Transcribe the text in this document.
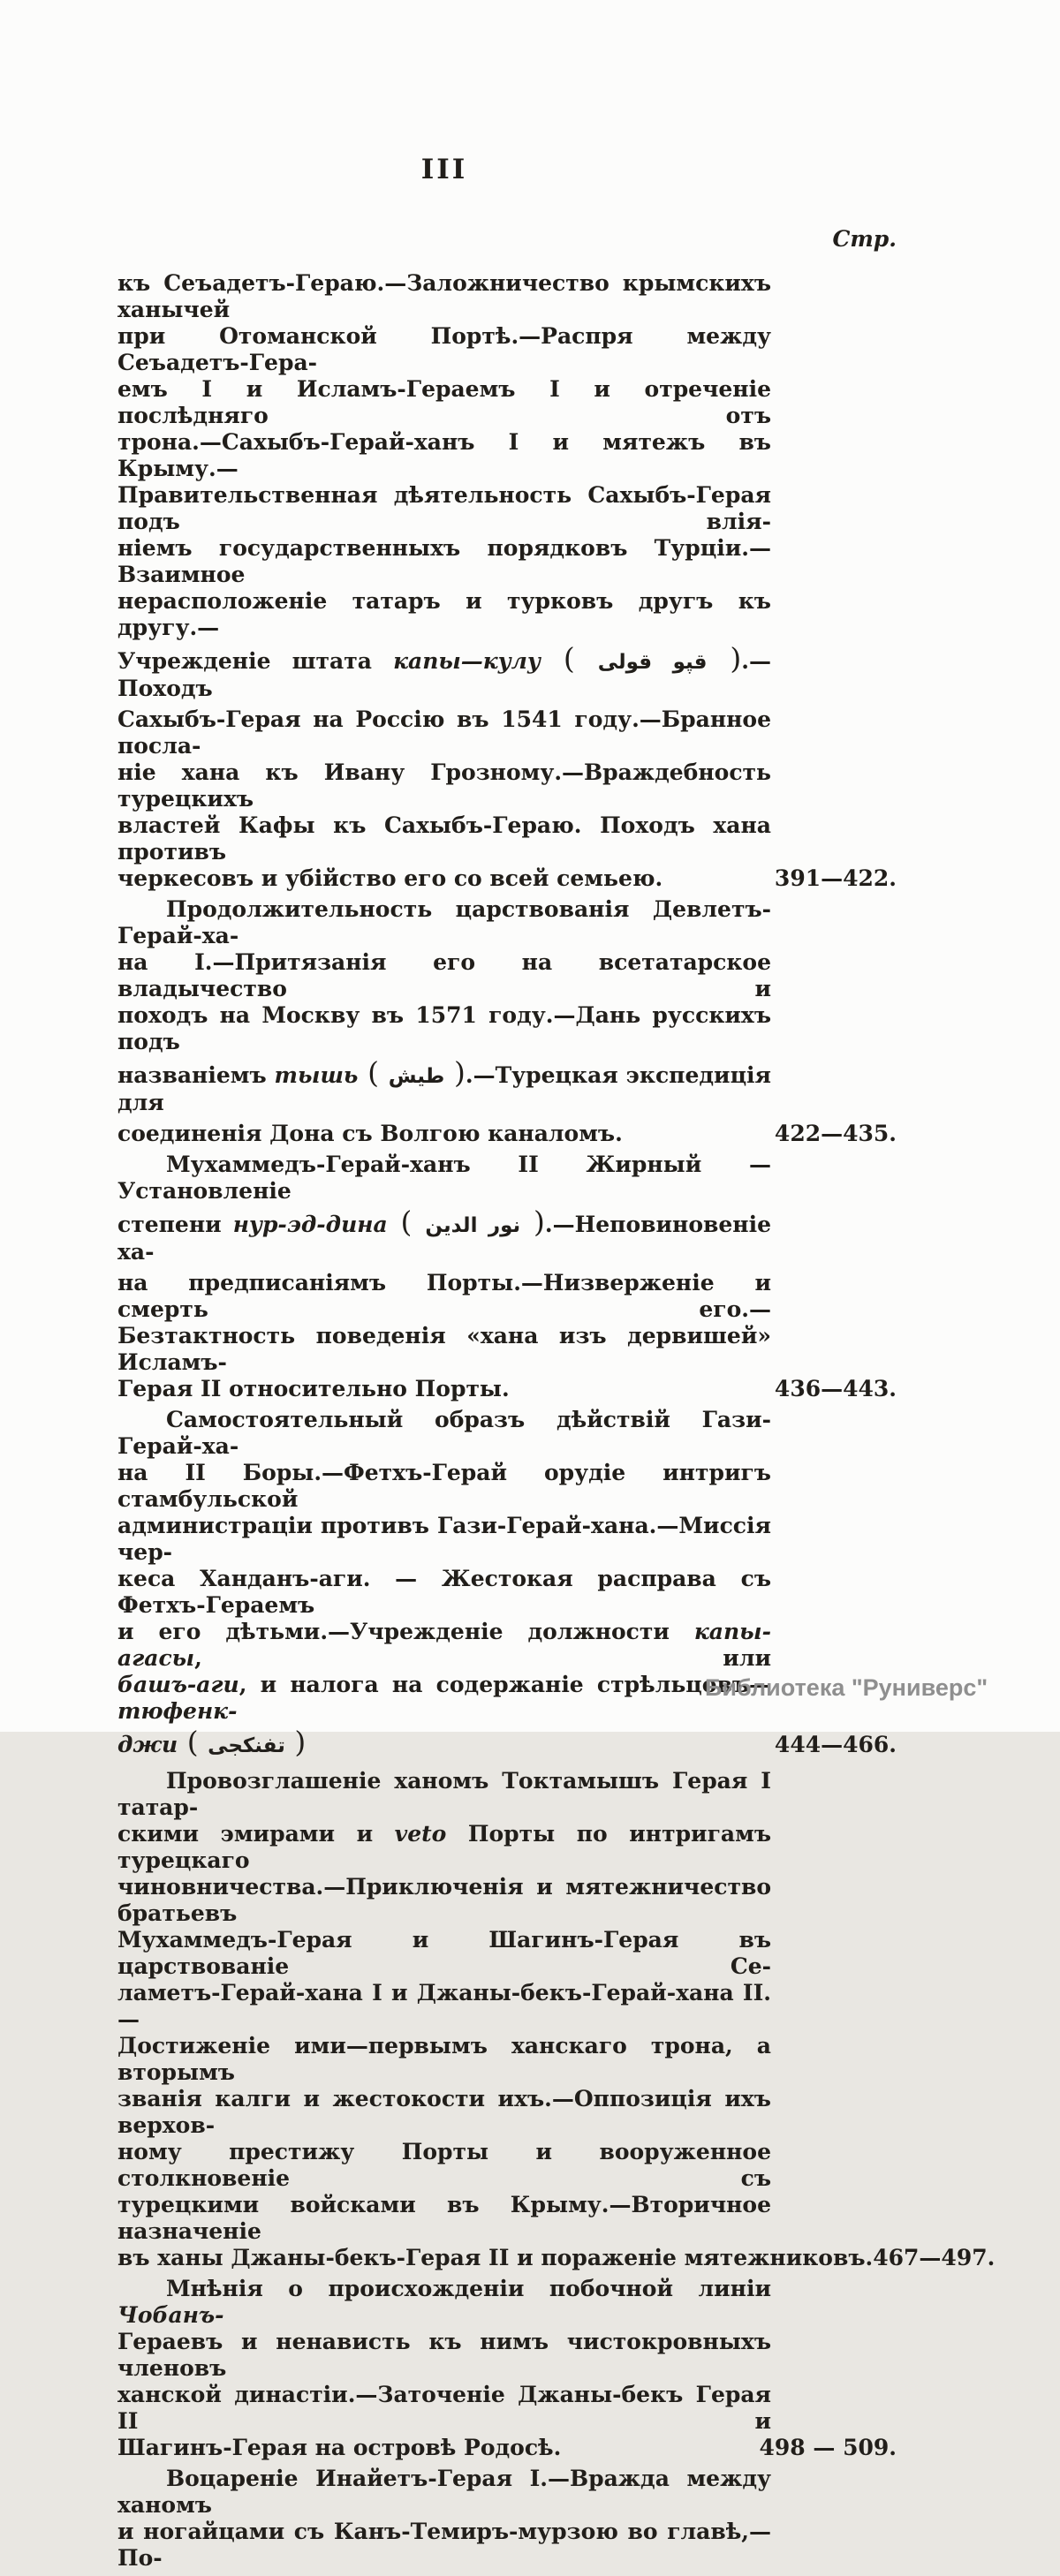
III
Стр.
къ Сеъадетъ-Гераю.—Заложничество крымскихъ ханычей
при Отоманской Портѣ.—Распря между Сеъадетъ-Гера-
емъ I и Исламъ-Гераемъ I и отреченіе послѣдняго отъ
трона.—Сахыбъ-Герай-ханъ I и мятежъ въ Крыму.—
Правительственная дѣятельность Сахыбъ-Герая подъ влія-
ніемъ государственныхъ порядковъ Турціи.—Взаимное
нерасположеніе татаръ и турковъ другъ къ другу.—
Учрежденіе штата капы—кулу ( قپو قولی ).—Походъ
Сахыбъ-Герая на Россію въ 1541 году.—Бранное посла-
ніе хана къ Ивану Грозному.—Враждебность турецкихъ
властей Кафы къ Сахыбъ-Гераю. Походъ хана противъ
черкесовъ и убійство его со всей семьею.	391—422.
Продолжительность царствованія Девлетъ-Герай-ха-
на I.—Притязанія его на всетатарское владычество и
походъ на Москву въ 1571 году.—Дань русскихъ подъ
названіемъ тышь ( طیش ).—Турецкая экспедиція для
соединенія Дона съ Волгою каналомъ.	422—435.
Мухаммедъ-Герай-ханъ II Жирный — Установленіе
степени нур-эд-дина ( نور الدين ).—Неповиновеніе ха-
на предписаніямъ Порты.—Низверженіе и смерть его.—
Безтактность поведенія «хана изъ дервишей» Исламъ-
Герая II относительно Порты.	436—443.
Самостоятельный образъ дѣйствій Гази-Герай-ха-
на II Боры.—Фетхъ-Герай орудіе интригъ стамбульской
администраціи противъ Гази-Герай-хана.—Миссія чер-
кеса Ханданъ-аги. — Жестокая расправа съ Фетхъ-Гераемъ
и его дѣтьми.—Учрежденіе должности капы-агасы, или
башъ-аги, и налога на содержаніе стрѣльцовъ—тюфенк-
джи ( تفنكجى )	444—466.
Провозглашеніе ханомъ Токтамышъ Герая I татар-
скими эмирами и veto Порты по интригамъ турецкаго
чиновничества.—Приключенія и мятежничество братьевъ
Мухаммедъ-Герая и Шагинъ-Герая въ царствованіе Се-
ламетъ-Герай-хана I и Джаны-бекъ-Герай-хана II.—
Достиженіе ими—первымъ ханскаго трона, а вторымъ
званія калги и жестокости ихъ.—Оппозиція ихъ верхов-
ному престижу Порты и вооруженное столкновеніе съ
турецкими войсками въ Крыму.—Вторичное назначеніе
въ ханы Джаны-бекъ-Герая II и пораженіе мятежниковъ. 467—497.
Мнѣнія о происхожденіи побочной линіи Чобанъ-
Гераевъ и ненависть къ нимъ чистокровныхъ членовъ
ханской династіи.—Заточеніе Джаны-бекъ Герая II и
Шагинъ-Герая на островѣ Родосѣ.	498 — 509.
Воцареніе Инайетъ-Герая I.—Вражда между ханомъ
и ногайцами съ Канъ-Темиръ-мурзою во главѣ,—По-
Библиотека "Руниверс"
